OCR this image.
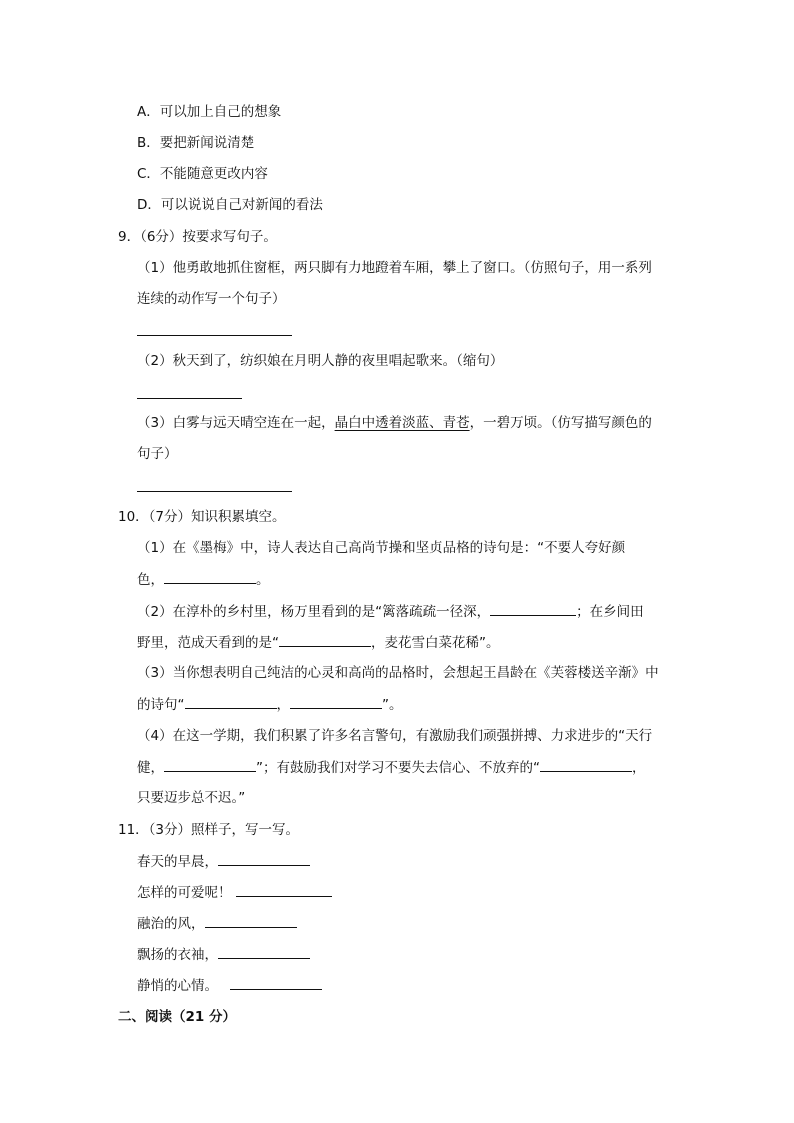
A．可以加上自己的想象
B．要把新闻说清楚
C．不能随意更改内容
D．可以说说自己对新闻的看法
9．（6分）按要求写句子。
（1）他勇敢地抓住窗框，两只脚有力地蹬着车厢，攀上了窗口。（仿照句子，用一系列
连续的动作写一个句子）
（2）秋天到了，纺织娘在月明人静的夜里唱起歌来。（缩句）
（3）白雾与远天晴空连在一起，晶白中透着淡蓝、青苍，一碧万顷。（仿写描写颜色的
句子）
10．（7分）知识积累填空。
（1）在《墨梅》中，诗人表达自己高尚节操和坚贞品格的诗句是：“不要人夸好颜
色，	。
（2）在淳朴的乡村里，杨万里看到的是“篱落疏疏一径深，	；在乡间田
野里，范成天看到的是“	，麦花雪白菜花稀”。
（3）当你想表明自己纯洁的心灵和高尚的品格时，会想起王昌龄在《芙蓉楼送辛渐》中
的诗句“	，	”。
（4）在这一学期，我们积累了许多名言警句，有激励我们顽强拼搏、力求进步的“天行
健，	”；有鼓励我们对学习不要失去信心、不放弃的“	，
只要迈步总不迟。”
11．（3分）照样子，写一写。
春天的早晨，
怎样的可爱呢！
融治的风，
飘扬的衣袖，
静悄的心情。
二、阅读（21 分）
